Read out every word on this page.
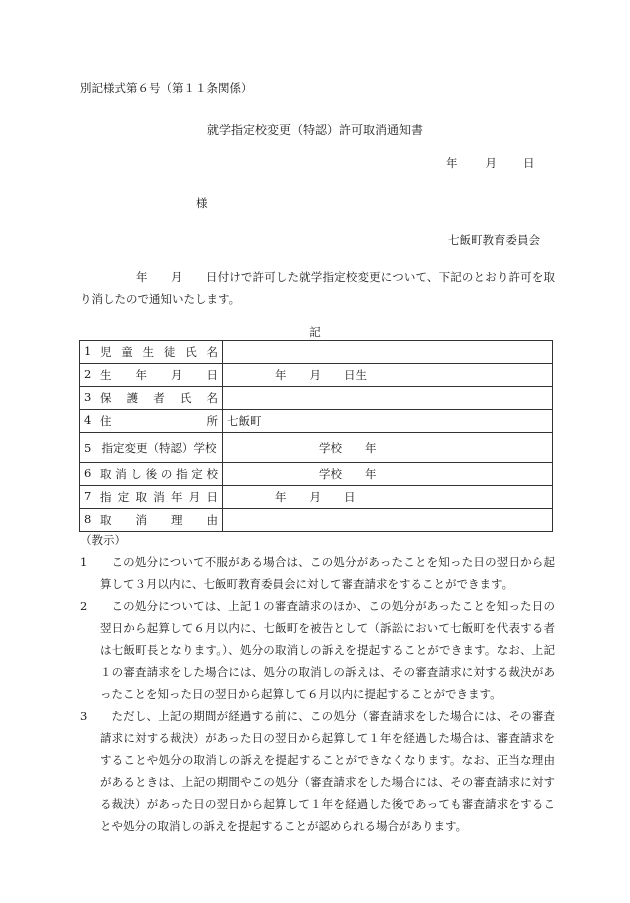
別記様式第６号（第１１条関係）
就学指定校変更（特認）許可取消通知書
年 月 日
様
七飯町教育委員会
年　　月　　日付けで許可した就学指定校変更について、下記のとおり許可を取り消したので通知いたします。
記
1 児童生徒氏名	

2 生　年　月　日	年　　月　　日生

3 保護者氏名	

4 住　　　　所	七飯町

5 指定変更（特認）学校	学校　　年

6 取消し後の指定校	学校　　年

7 指定取消年月日	年　　月　　日

8 取　消　理　由	

（教示）
1	この処分について不服がある場合は、この処分があったことを知った日の翌日から起算して３月以内に、七飯町教育委員会に対して審査請求をすることができます。
2	この処分については、上記１の審査請求のほか、この処分があったことを知った日の翌日から起算して６月以内に、七飯町を被告として（訴訟において七飯町を代表する者は七飯町長となります。）、処分の取消しの訴えを提起することができます。なお、上記１の審査請求をした場合には、処分の取消しの訴えは、その審査請求に対する裁決があったことを知った日の翌日から起算して６月以内に提起することができます。
3	ただし、上記の期間が経過する前に、この処分（審査請求をした場合には、その審査請求に対する裁決）があった日の翌日から起算して１年を経過した場合は、審査請求をすることや処分の取消しの訴えを提起することができなくなります。なお、正当な理由があるときは、上記の期間やこの処分（審査請求をした場合には、その審査請求に対する裁決）があった日の翌日から起算して１年を経過した後であっても審査請求をすることや処分の取消しの訴えを提起することが認められる場合があります。
